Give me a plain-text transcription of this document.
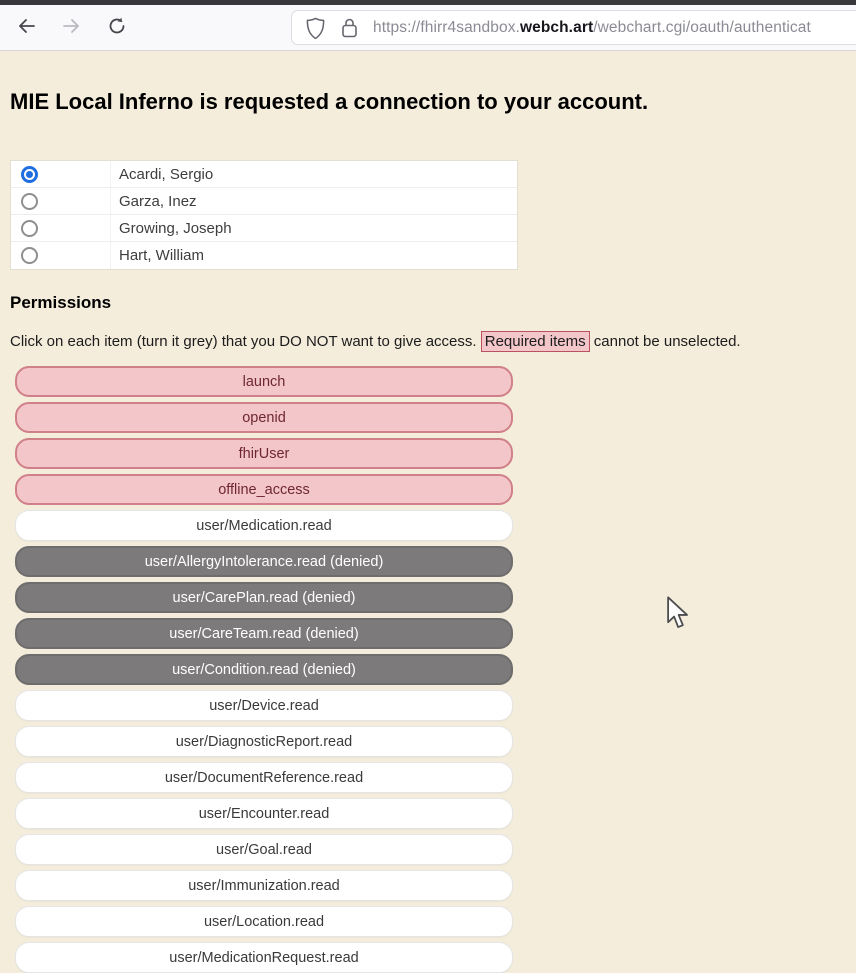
https://fhirr4sandbox.webch.art/webchart.cgi/oauth/authenticat
MIE Local Inferno is requested a connection to your account.
Acardi, Sergio
Garza, Inez
Growing, Joseph
Hart, William
Permissions

Click on each item (turn it grey) that you DO NOT want to give access. Required items cannot be unselected.

launch
openid
fhirUser
offline_access
user/Medication.read
user/AllergyIntolerance.read (denied)
user/CarePlan.read (denied)
user/CareTeam.read (denied)
user/Condition.read (denied)
user/Device.read
user/DiagnosticReport.read
user/DocumentReference.read
user/Encounter.read
user/Goal.read
user/Immunization.read
user/Location.read
user/MedicationRequest.read
